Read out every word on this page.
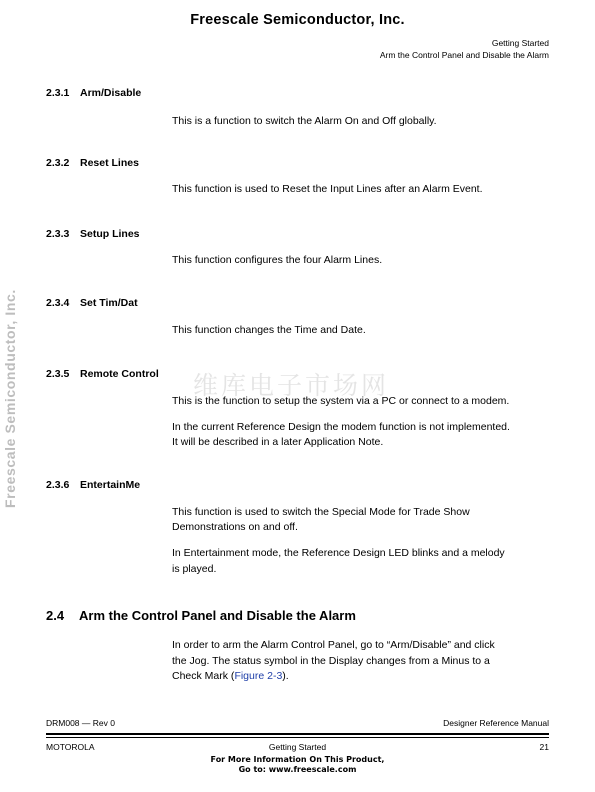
Freescale Semiconductor, Inc.
Getting Started
Arm the Control Panel and Disable the Alarm
Freescale Semiconductor, Inc.	维库电子市场网
2.3.1 Arm/Disable
This is a function to switch the Alarm On and Off globally.
2.3.2 Reset Lines
This function is used to Reset the Input Lines after an Alarm Event.
2.3.3 Setup Lines
This function configures the four Alarm Lines.
2.3.4 Set Tim/Dat
This function changes the Time and Date.
2.3.5 Remote Control
This is the function to setup the system via a PC or connect to a modem.
In the current Reference Design the modem function is not implemented.
It will be described in a later Application Note.
2.3.6 EntertainMe
This function is used to switch the Special Mode for Trade Show
Demonstrations on and off.
In Entertainment mode, the Reference Design LED blinks and a melody
is played.
2.4 Arm the Control Panel and Disable the Alarm
In order to arm the Alarm Control Panel, go to “Arm/Disable” and click
the Jog. The status symbol in the Display changes from a Minus to a
Check Mark (Figure 2-3).
DRM008 — Rev 0	Designer Reference Manual
MOTOROLA	Getting Started	21
For More Information On This Product,
Go to: www.freescale.com
